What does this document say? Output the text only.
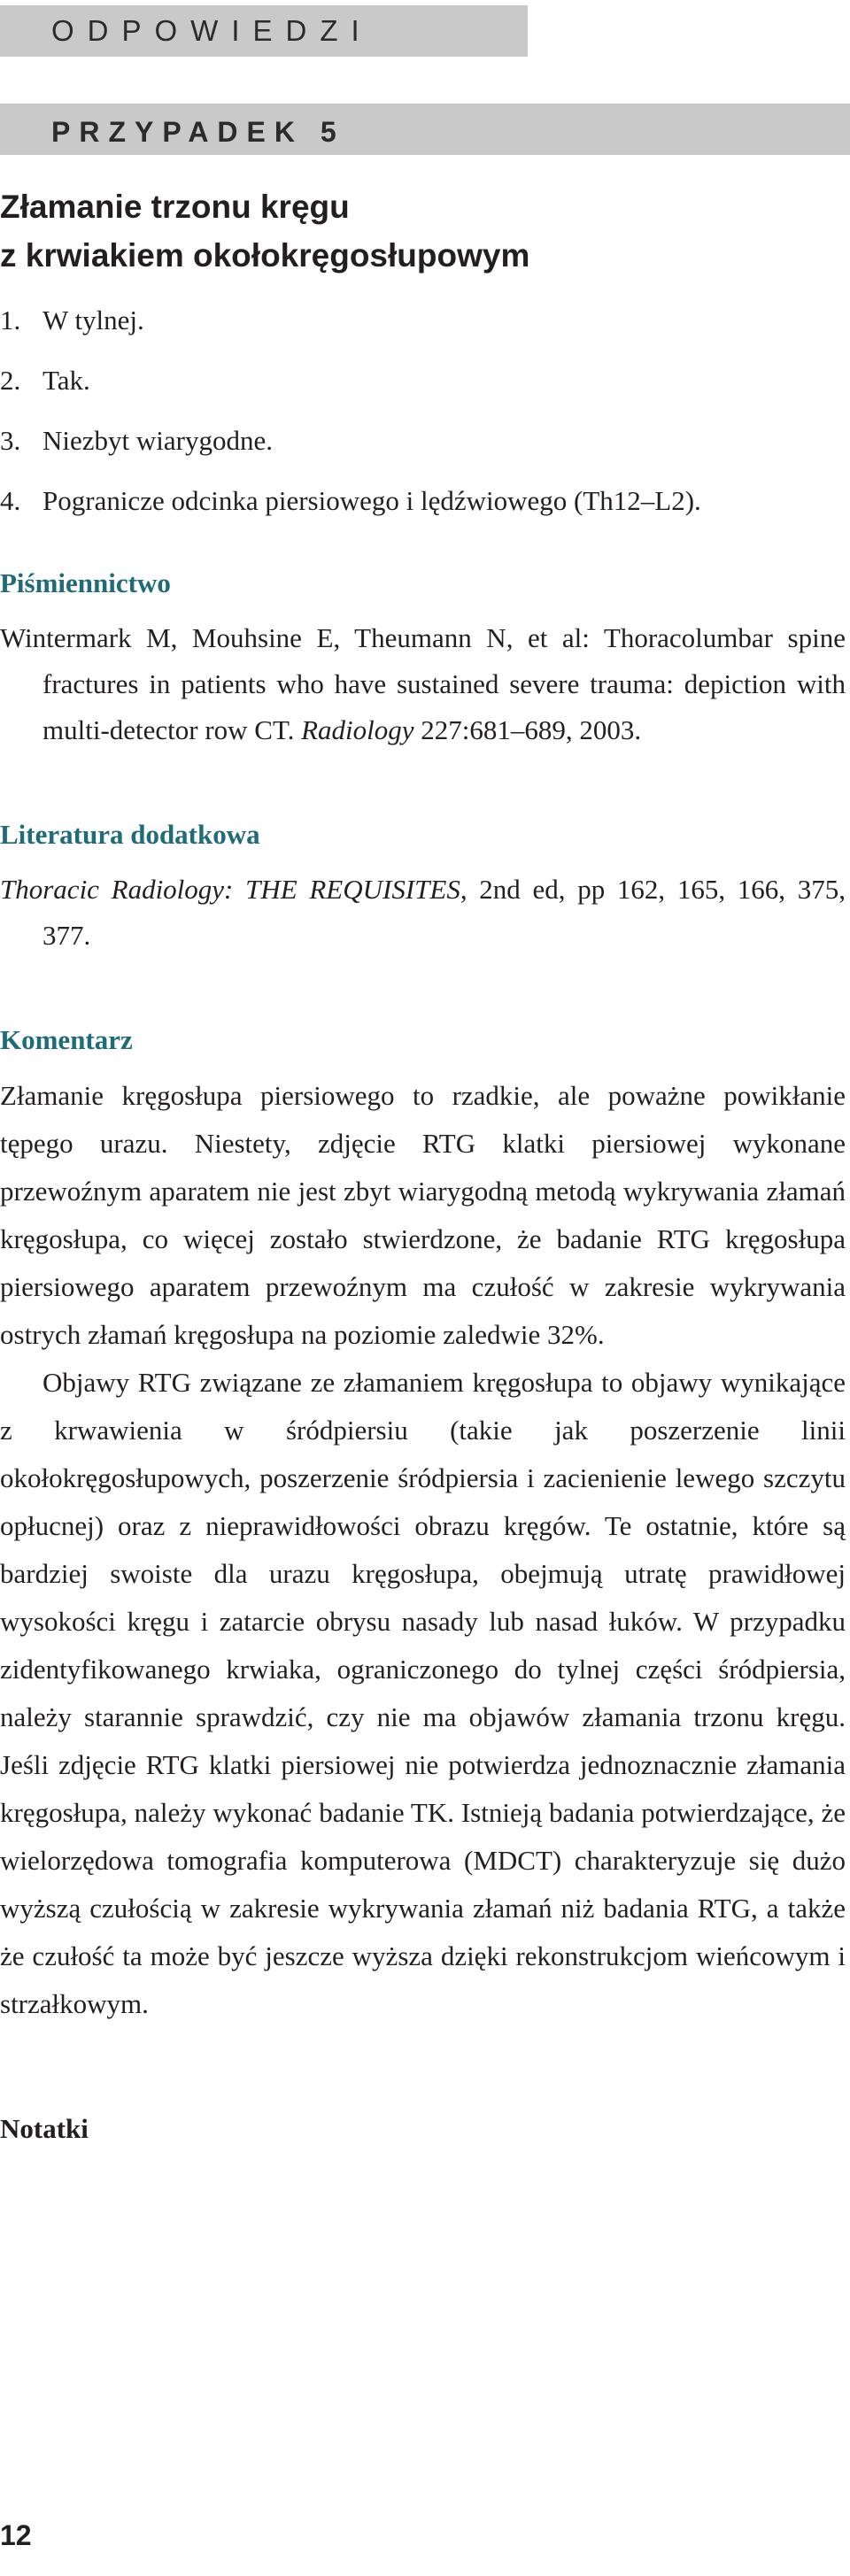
ODPOWIEDZI
PRZYPADEK 5
Złamanie trzonu kręgu
z krwiakiem okołokręgosłupowym
1. W tylnej.
2. Tak.
3. Niezbyt wiarygodne.
4. Pogranicze odcinka piersiowego i lędźwiowego (Th12–L2).
Piśmiennictwo

Wintermark M, Mouhsine E, Theumann N, et al: Thoracolumbar spine fractures in patients who have sustained severe trauma: depiction with multi-detector row CT. Radiology 227:681–689, 2003.

Literatura dodatkowa

Thoracic Radiology: THE REQUISITES, 2nd ed, pp 162, 165, 166, 375, 377.

Komentarz

Złamanie kręgosłupa piersiowego to rzadkie, ale poważne powikłanie tępego urazu. Niestety, zdjęcie RTG klatki piersiowej wykonane przewoźnym aparatem nie jest zbyt wiarygodną metodą wykrywania złamań kręgosłupa, co więcej zostało stwierdzone, że badanie RTG kręgosłupa piersiowego aparatem przewoźnym ma czułość w zakresie wykrywania ostrych złamań kręgosłupa na poziomie zaledwie 32%.

Objawy RTG związane ze złamaniem kręgosłupa to objawy wynikające z krwawienia w śródpiersiu (takie jak poszerzenie linii okołokręgosłupowych, poszerzenie śródpiersia i zacienienie lewego szczytu opłucnej) oraz z nieprawidłowości obrazu kręgów. Te ostatnie, które są bardziej swoiste dla urazu kręgosłupa, obejmują utratę prawidłowej wysokości kręgu i zatarcie obrysu nasady lub nasad łuków. W przypadku zidentyfikowanego krwiaka, ograniczonego do tylnej części śródpiersia, należy starannie sprawdzić, czy nie ma objawów złamania trzonu kręgu. Jeśli zdjęcie RTG klatki piersiowej nie potwierdza jednoznacznie złamania kręgosłupa, należy wykonać badanie TK. Istnieją badania potwierdzające, że wielorzędowa tomografia komputerowa (MDCT) charakteryzuje się dużo wyższą czułością w zakresie wykrywania złamań niż badania RTG, a także że czułość ta może być jeszcze wyższa dzięki rekonstrukcjom wieńcowym i strzałkowym.

Notatki
12
